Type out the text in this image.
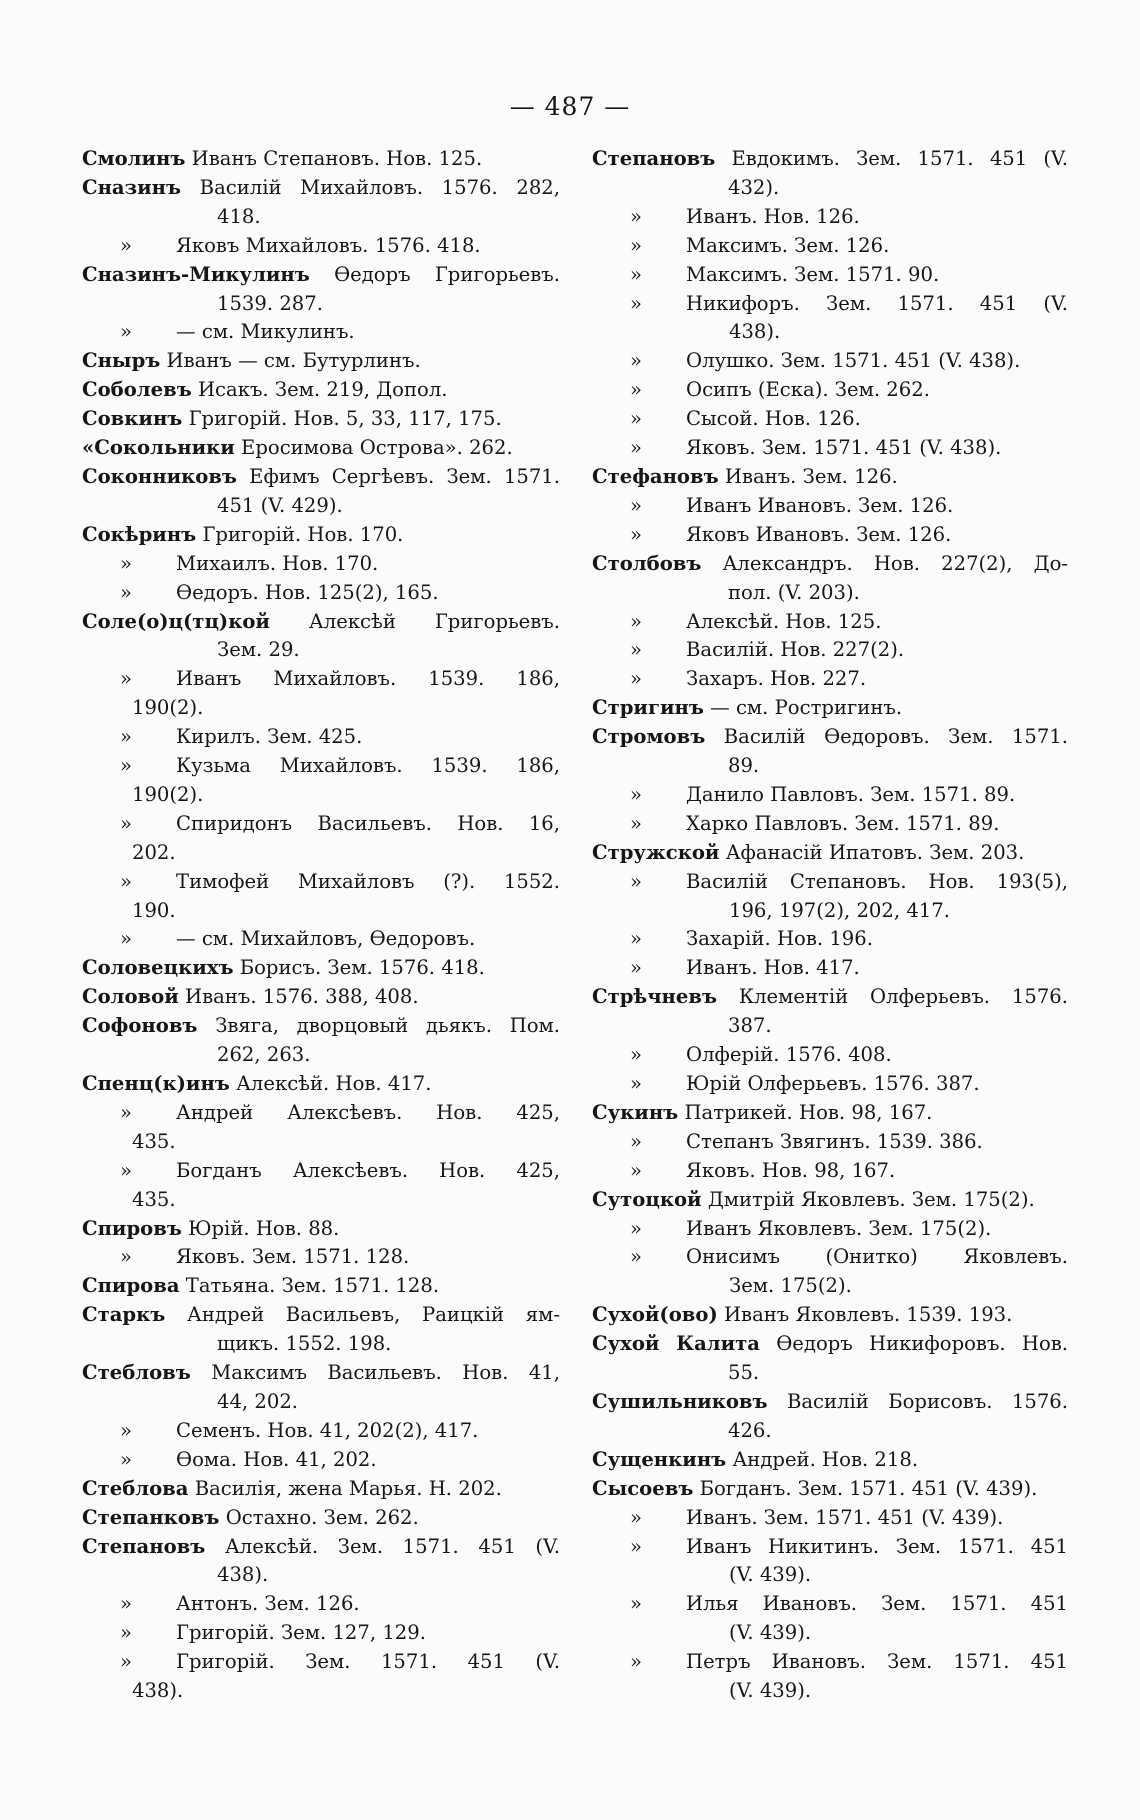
— 487 —
Смолинъ Иванъ Степановъ. Нов. 125.
Сназинъ Василій Михайловъ. 1576. 282,
418.
» Яковъ Михайловъ. 1576. 418.
Сназинъ-Микулинъ Ѳедоръ Григорьевъ.
1539. 287.
» — см. Микулинъ.
Сныръ Иванъ — см. Бутурлинъ.
Соболевъ Исакъ. Зем. 219, Допол.
Совкинъ Григорій. Нов. 5, 33, 117, 175.
«Сокольники Еросимова Острова». 262.
Соконниковъ Ефимъ Сергѣевъ. Зем. 1571.
451 (V. 429).
Сокѣринъ Григорій. Нов. 170.
» Михаилъ. Нов. 170.
» Ѳедоръ. Нов. 125(2), 165.
Соле(о)ц(тц)кой Алексѣй Григорьевъ.
Зем. 29.
» Иванъ Михайловъ. 1539. 186,
190(2).
» Кирилъ. Зем. 425.
» Кузьма Михайловъ. 1539. 186,
190(2).
» Спиридонъ Васильевъ. Нов. 16,
202.
» Тимофей Михайловъ (?). 1552.
190.
» — см. Михайловъ, Ѳедоровъ.
Соловецкихъ Борисъ. Зем. 1576. 418.
Соловой Иванъ. 1576. 388, 408.
Софоновъ Звяга, дворцовый дьякъ. Пом.
262, 263.
Спенц(к)инъ Алексѣй. Нов. 417.
» Андрей Алексѣевъ. Нов. 425,
435.
» Богданъ Алексѣевъ. Нов. 425,
435.
Спировъ Юрій. Нов. 88.
» Яковъ. Зем. 1571. 128.
Спирова Татьяна. Зем. 1571. 128.
Старкъ Андрей Васильевъ, Раицкій ям-
щикъ. 1552. 198.
Стебловъ Максимъ Васильевъ. Нов. 41,
44, 202.
» Семенъ. Нов. 41, 202(2), 417.
» Ѳома. Нов. 41, 202.
Стеблова Василія, жена Марья. Н. 202.
Степанковъ Остахно. Зем. 262.
Степановъ Алексѣй. Зем. 1571. 451 (V.
438).
» Антонъ. Зем. 126.
» Григорій. Зем. 127, 129.
» Григорій. Зем. 1571. 451 (V.
438).
Степановъ Евдокимъ. Зем. 1571. 451 (V.
432).
» Иванъ. Нов. 126.
» Максимъ. Зем. 126.
» Максимъ. Зем. 1571. 90.
» Никифоръ. Зем. 1571. 451 (V.
438).
» Олушко. Зем. 1571. 451 (V. 438).
» Осипъ (Еска). Зем. 262.
» Сысой. Нов. 126.
» Яковъ. Зем. 1571. 451 (V. 438).
Стефановъ Иванъ. Зем. 126.
» Иванъ Ивановъ. Зем. 126.
» Яковъ Ивановъ. Зем. 126.
Столбовъ Александръ. Нов. 227(2), До-
пол. (V. 203).
» Алексѣй. Нов. 125.
» Василій. Нов. 227(2).
» Захаръ. Нов. 227.
Стригинъ — см. Ростригинъ.
Стромовъ Василій Ѳедоровъ. Зем. 1571.
89.
» Данило Павловъ. Зем. 1571. 89.
» Харко Павловъ. Зем. 1571. 89.
Стружской Афанасій Ипатовъ. Зем. 203.
» Василій Степановъ. Нов. 193(5),
196, 197(2), 202, 417.
» Захарій. Нов. 196.
» Иванъ. Нов. 417.
Стрѣчневъ Клементій Олферьевъ. 1576.
387.
» Олферій. 1576. 408.
» Юрій Олферьевъ. 1576. 387.
Сукинъ Патрикей. Нов. 98, 167.
» Степанъ Звягинъ. 1539. 386.
» Яковъ. Нов. 98, 167.
Сутоцкой Дмитрій Яковлевъ. Зем. 175(2).
» Иванъ Яковлевъ. Зем. 175(2).
» Онисимъ (Онитко) Яковлевъ.
Зем. 175(2).
Сухой(ово) Иванъ Яковлевъ. 1539. 193.
Сухой Калита Ѳедоръ Никифоровъ. Нов.
55.
Сушильниковъ Василій Борисовъ. 1576.
426.
Сущенкинъ Андрей. Нов. 218.
Сысоевъ Богданъ. Зем. 1571. 451 (V. 439).
» Иванъ. Зем. 1571. 451 (V. 439).
» Иванъ Никитинъ. Зем. 1571. 451
(V. 439).
» Илья Ивановъ. Зем. 1571. 451
(V. 439).
» Петръ Ивановъ. Зем. 1571. 451
(V. 439).
